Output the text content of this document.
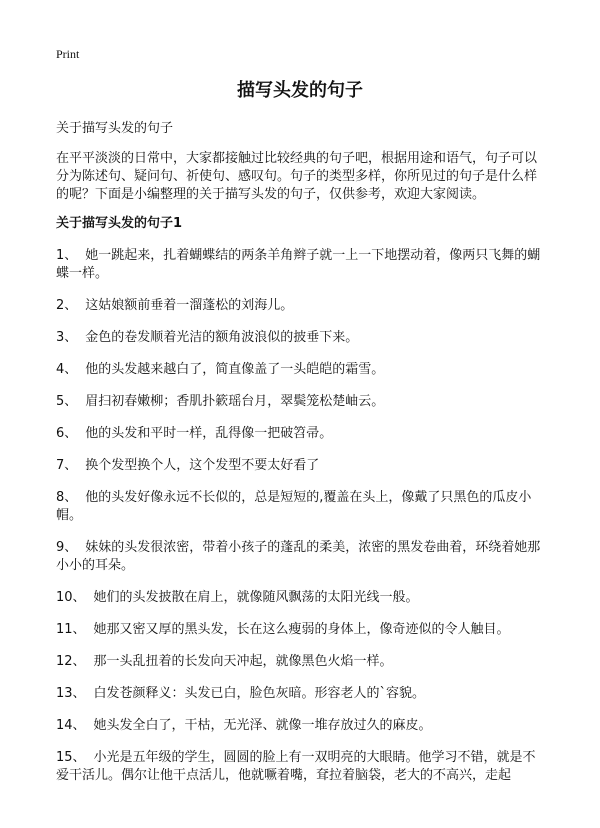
Print
描写头发的句子

关于描写头发的句子

在平平淡淡的日常中，大家都接触过比较经典的句子吧，根据用途和语气，句子可以分为陈述句、疑问句、祈使句、感叹句。句子的类型多样，你所见过的句子是什么样的呢？下面是小编整理的关于描写头发的句子，仅供参考，欢迎大家阅读。

关于描写头发的句子1
1、 她一跳起来，扎着蝴蝶结的两条羊角辫子就一上一下地摆动着，像两只飞舞的蝴蝶一样。
2、 这姑娘额前垂着一溜蓬松的刘海儿。
3、 金色的卷发顺着光洁的额角波浪似的披垂下来。
4、 他的头发越来越白了，简直像盖了一头皑皑的霜雪。
5、 眉扫初春嫩柳；香肌扑簌瑶台月，翠鬓笼松楚岫云。
6、 他的头发和平时一样，乱得像一把破笤帚。
7、 换个发型换个人，这个发型不要太好看了
8、 他的头发好像永远不长似的，总是短短的,覆盖在头上，像戴了只黑色的瓜皮小帽。
9、 妹妹的头发很浓密，带着小孩子的蓬乱的柔美，浓密的黑发卷曲着，环绕着她那小小的耳朵。
10、 她们的头发披散在肩上，就像随风飘荡的太阳光线一般。
11、 她那又密又厚的黑头发，长在这么瘦弱的身体上，像奇迹似的令人触目。
12、 那一头乱扭着的长发向天冲起，就像黑色火焰一样。
13、 白发苍颜释义：头发已白，脸色灰暗。形容老人的`容貌。
14、 她头发全白了，干枯，无光泽、就像一堆存放过久的麻皮。
15、 小光是五年级的学生，圆圆的脸上有一双明亮的大眼睛。他学习不错，就是不爱干活儿。偶尔让他干点活儿，他就噘着嘴，耷拉着脑袋，老大的不高兴，走起
